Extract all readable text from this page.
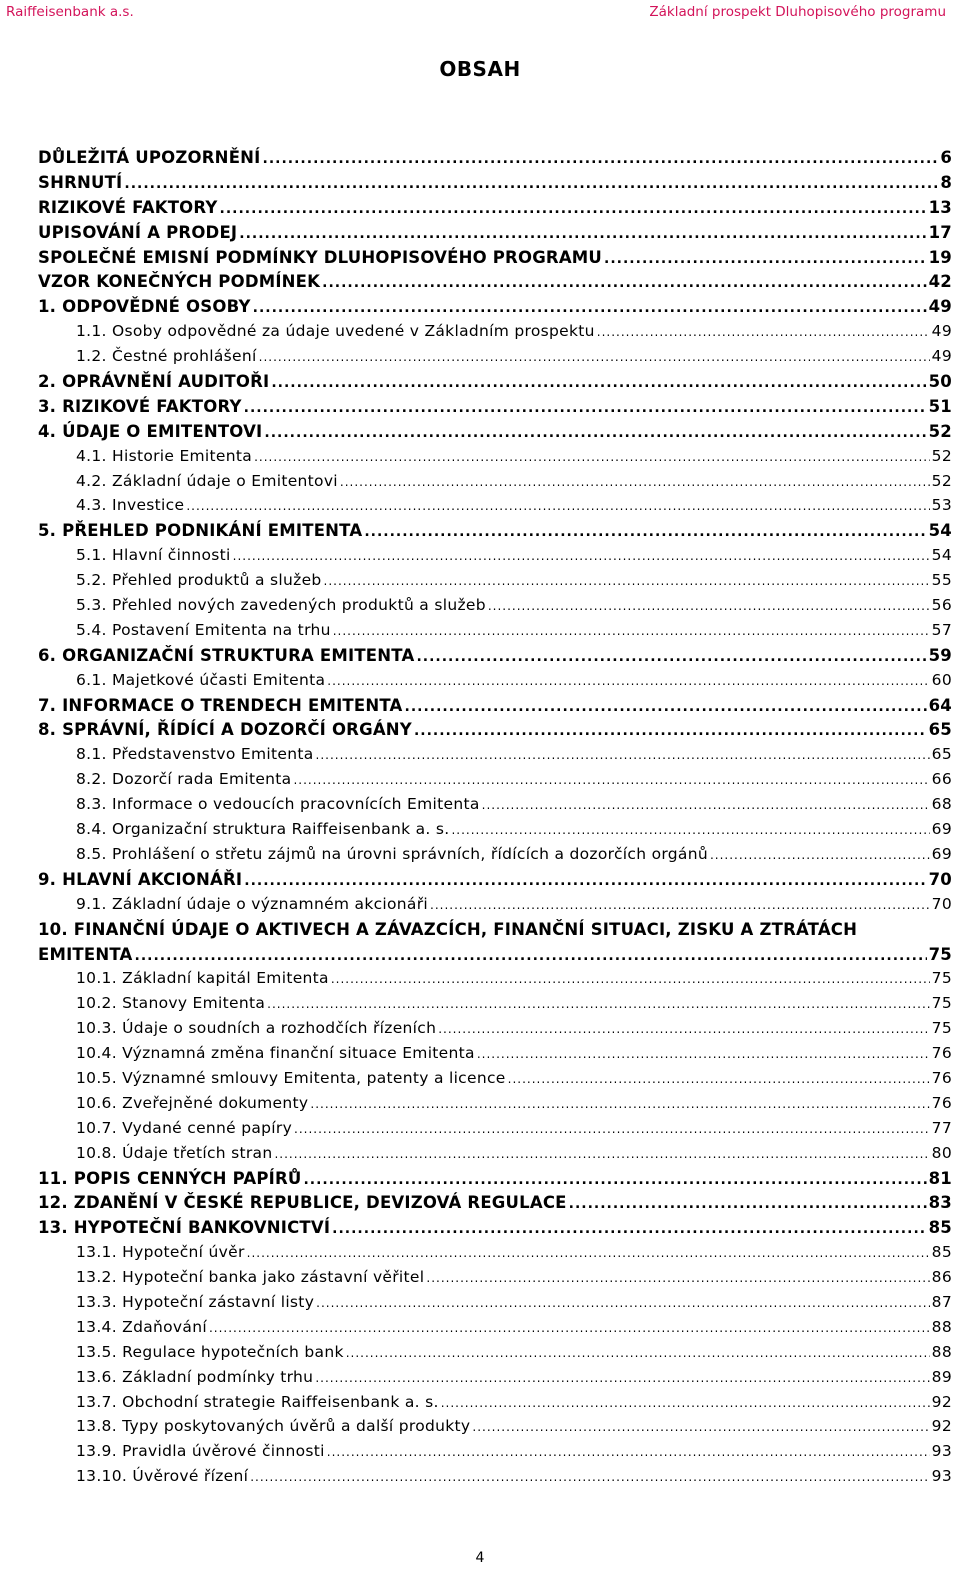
Raiffeisenbank a.s.	Základní prospekt Dluhopisového programu
OBSAH
DŮLEŽITÁ UPOZORNĚNÍ .....	6
SHRNUTÍ .....	8
RIZIKOVÉ FAKTORY .....	13
UPISOVÁNÍ A PRODEJ .....	17
SPOLEČNÉ EMISNÍ PODMÍNKY DLUHOPISOVÉHO PROGRAMU .....	19
VZOR KONEČNÝCH PODMÍNEK .....	42
1. ODPOVĚDNÉ OSOBY .....	49
1.1. Osoby odpovědné za údaje uvedené v Základním prospektu .....	49
1.2. Čestné prohlášení .....	49
2. OPRÁVNĚNÍ AUDITOŘI .....	50
3. RIZIKOVÉ FAKTORY .....	51
4. ÚDAJE O EMITENTOVI .....	52
4.1. Historie Emitenta .....	52
4.2. Základní údaje o Emitentovi .....	52
4.3. Investice .....	53
5. PŘEHLED PODNIKÁNÍ EMITENTA .....	54
5.1. Hlavní činnosti .....	54
5.2. Přehled produktů a služeb .....	55
5.3. Přehled nových zavedených produktů a služeb .....	56
5.4. Postavení Emitenta na trhu .....	57
6. ORGANIZAČNÍ STRUKTURA EMITENTA .....	59
6.1. Majetkové účasti Emitenta .....	60
7. INFORMACE O TRENDECH EMITENTA .....	64
8. SPRÁVNÍ, ŘÍDÍCÍ A DOZORČÍ ORGÁNY .....	65
8.1. Představenstvo Emitenta .....	65
8.2. Dozorčí rada Emitenta .....	66
8.3. Informace o vedoucích pracovnících Emitenta .....	68
8.4. Organizační struktura Raiffeisenbank a. s. .....	69
8.5. Prohlášení o střetu zájmů na úrovni správních, řídících a dozorčích orgánů .....	69
9. HLAVNÍ AKCIONÁŘI .....	70
9.1. Základní údaje o významném akcionáři .....	70
10. FINANČNÍ ÚDAJE O AKTIVECH A ZÁVAZCÍCH, FINANČNÍ SITUACI, ZISKU A ZTRÁTÁCH
EMITENTA .....	75
10.1. Základní kapitál Emitenta .....	75
10.2. Stanovy Emitenta .....	75
10.3. Údaje o soudních a rozhodčích řízeních .....	75
10.4. Významná změna finanční situace Emitenta .....	76
10.5. Významné smlouvy Emitenta, patenty a licence .....	76
10.6. Zveřejněné dokumenty .....	76
10.7. Vydané cenné papíry .....	77
10.8. Údaje třetích stran .....	80
11. POPIS CENNÝCH PAPÍRŮ .....	81
12. ZDANĚNÍ V ČESKÉ REPUBLICE, DEVIZOVÁ REGULACE .....	83
13. HYPOTEČNÍ BANKOVNICTVÍ .....	85
13.1. Hypoteční úvěr .....	85
13.2. Hypoteční banka jako zástavní věřitel .....	86
13.3. Hypoteční zástavní listy .....	87
13.4. Zdaňování .....	88
13.5. Regulace hypotečních bank .....	88
13.6. Základní podmínky trhu .....	89
13.7. Obchodní strategie Raiffeisenbank a. s. .....	92
13.8. Typy poskytovaných úvěrů a další produkty .....	92
13.9. Pravidla úvěrové činnosti .....	93
13.10. Úvěrové řízení .....	93
4
